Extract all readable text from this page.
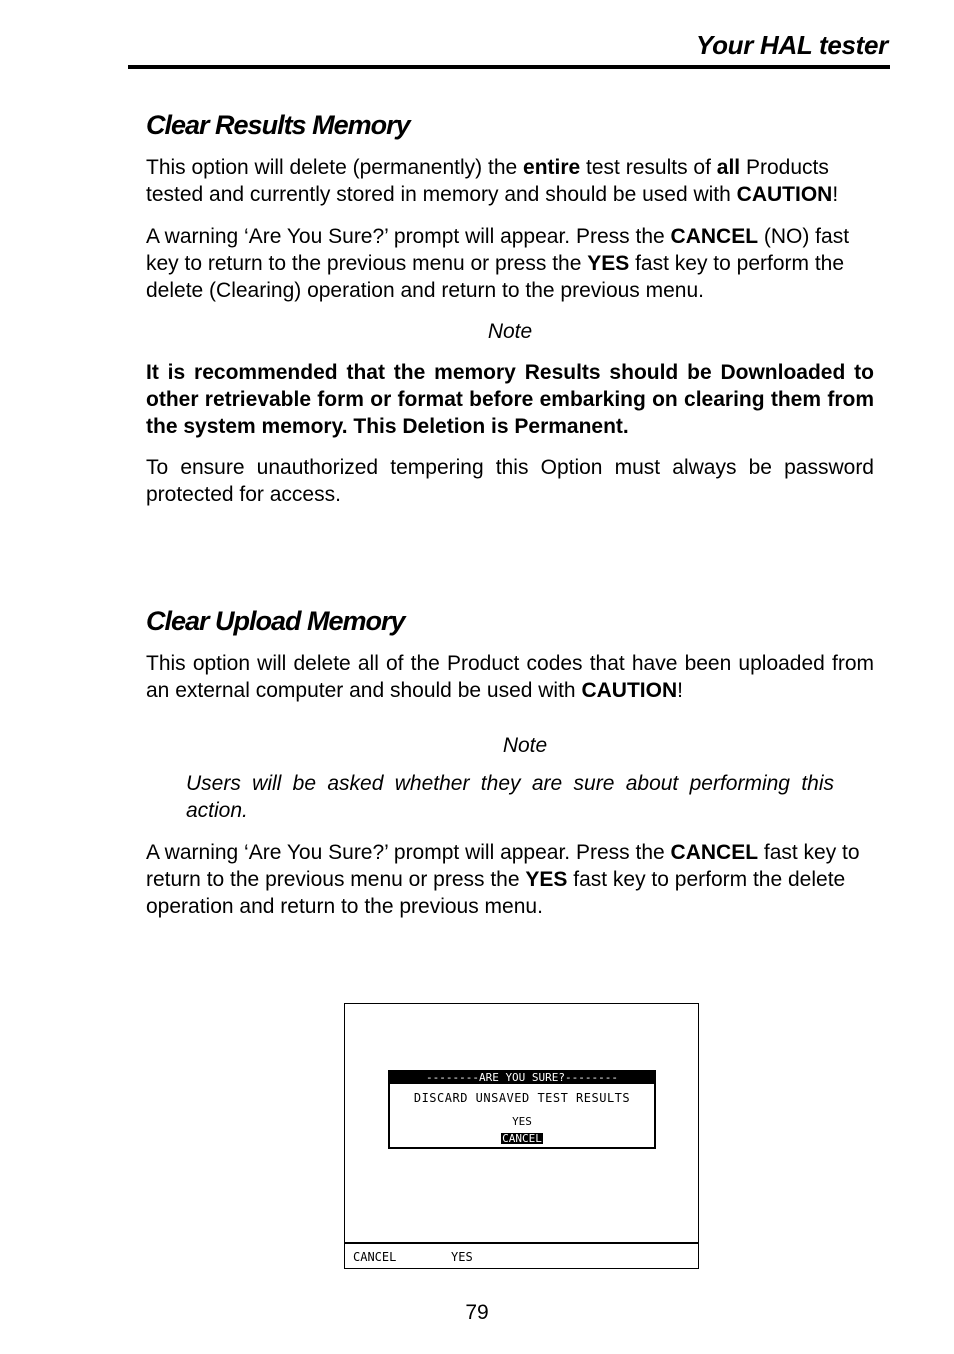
Your HAL tester
Clear Results Memory

This option will delete (permanently) the entire test results of all Products tested and currently stored in memory and should be used with CAUTION!

A warning ‘Are You Sure?’ prompt will appear. Press the CANCEL (NO) fast key to return to the previous menu or press the YES fast key to perform the delete (Clearing) operation and return to the previous menu.

Note

It is recommended that the memory Results should be Downloaded to other retrievable form or format before embarking on clearing them from the system memory. This Deletion is Permanent.

To ensure unauthorized tempering this Option must always be password protected for access.

Clear Upload Memory

This option will delete all of the Product codes that have been uploaded from an external computer and should be used with CAUTION!

Note

Users will be asked whether they are sure about performing this action.

A warning ‘Are You Sure?’ prompt will appear. Press the CANCEL fast key to return to the previous menu or press the YES fast key to perform the delete operation and return to the previous menu.

--------ARE YOU SURE?--------
DISCARD UNSAVED TEST RESULTS
YES
CANCEL
CANCEL	YES
79
